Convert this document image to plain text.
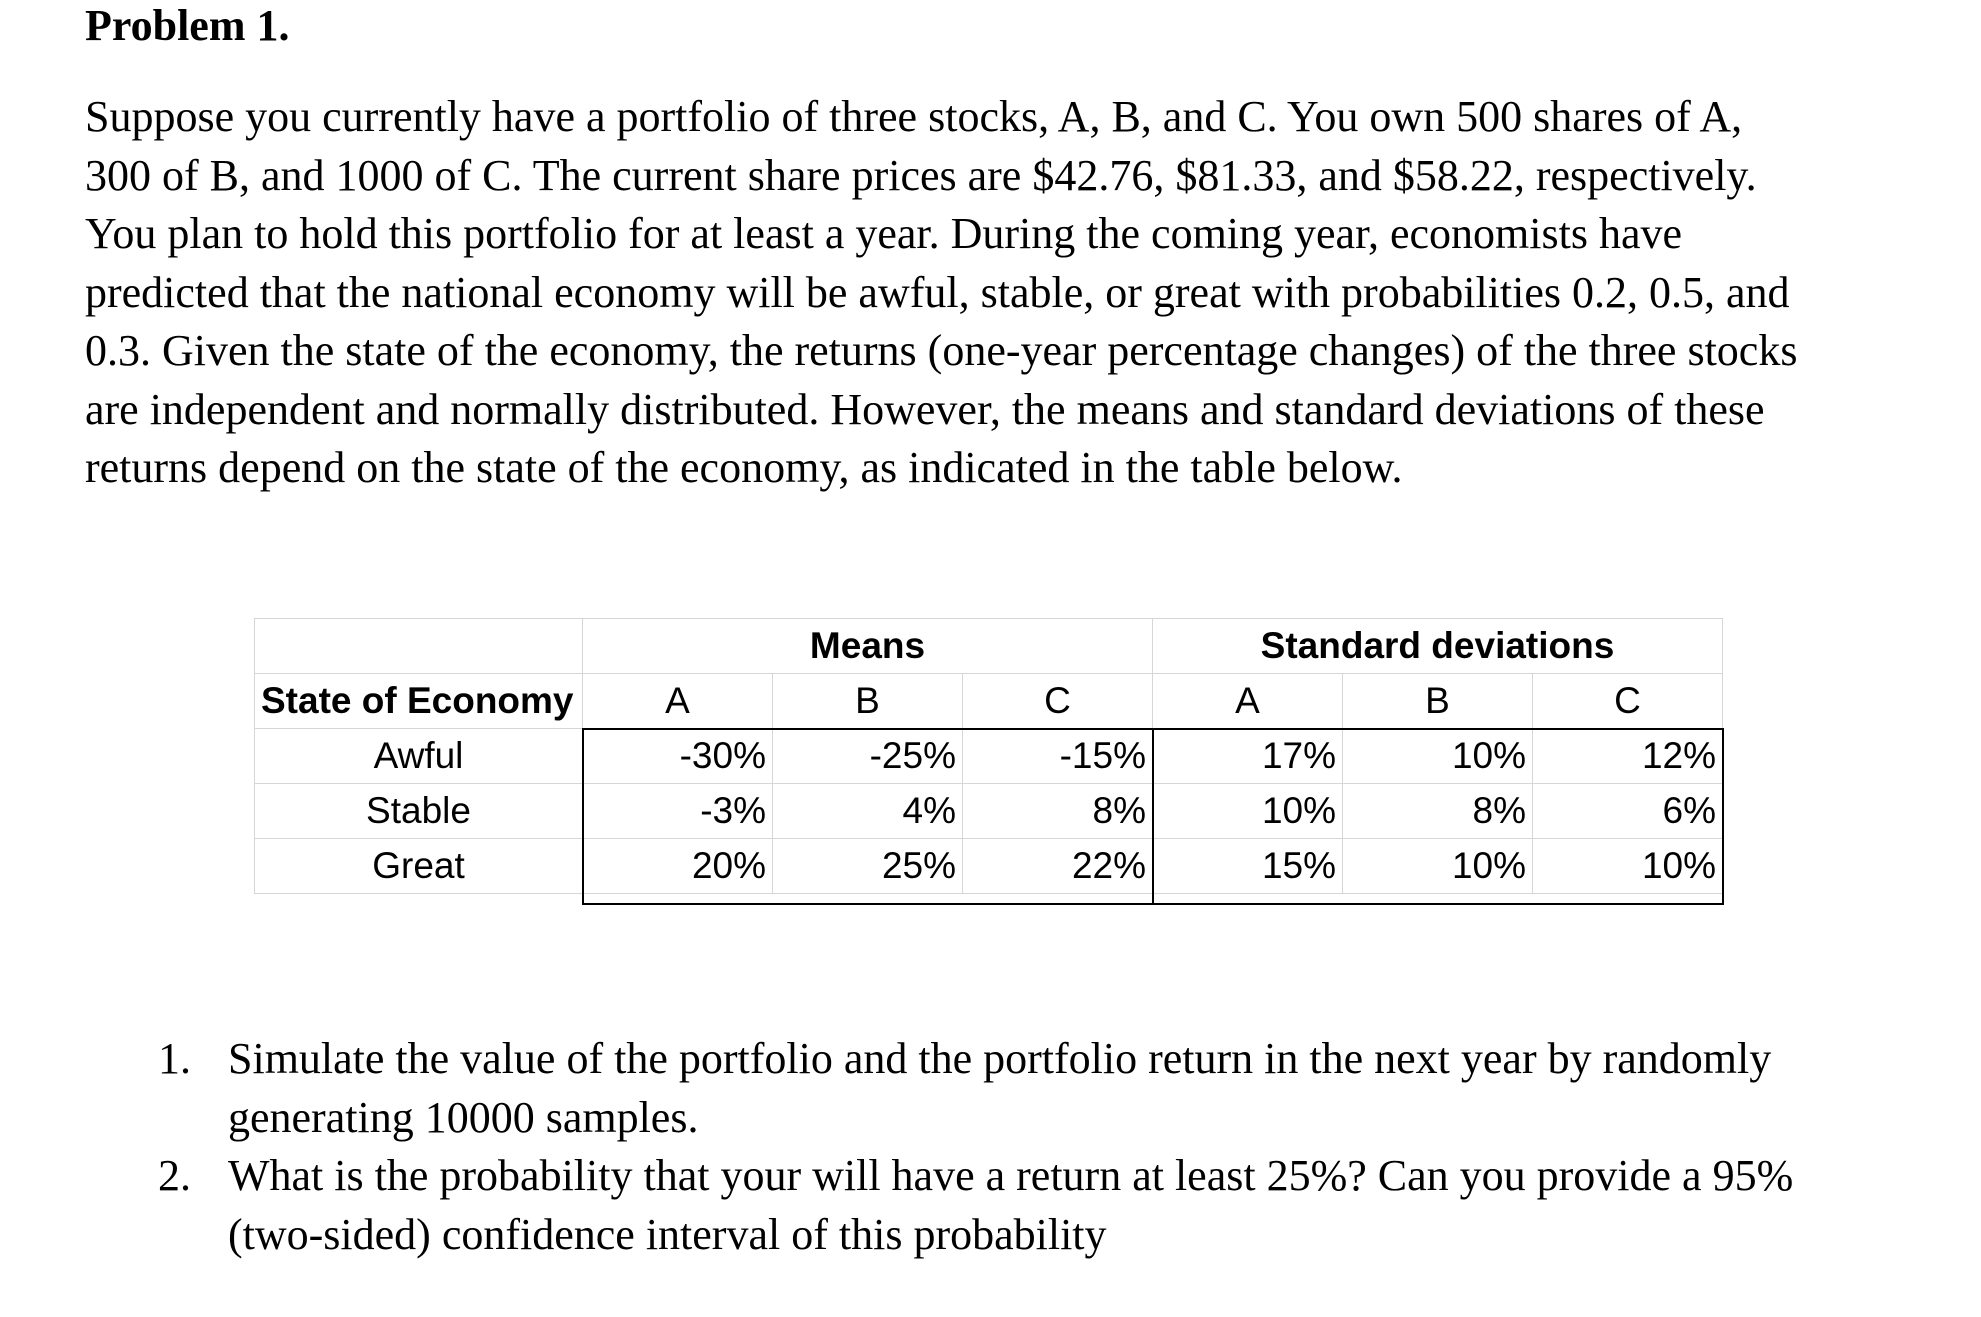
Problem 1.

Suppose you currently have a portfolio of three stocks, A, B, and C. You own 500 shares of A,
300 of B, and 1000 of C. The current share prices are $42.76, $81.33, and $58.22, respectively.
You plan to hold this portfolio for at least a year. During the coming year, economists have
predicted that the national economy will be awful, stable, or great with probabilities 0.2, 0.5, and
0.3. Given the state of the economy, the returns (one-year percentage changes) of the three stocks
are independent and normally distributed. However, the means and standard deviations of these
returns depend on the state of the economy, as indicated in the table below.

	Means			Standard deviations		
State of Economy	A	B	C	A	B	C
Awful	-30%	-25%	-15%	17%	10%	12%
Stable	-3%	4%	8%	10%	8%	6%
Great	20%	25%	22%	15%	10%	10%
1. Simulate the value of the portfolio and the portfolio return in the next year by randomly
generating 10000 samples.
2. What is the probability that your will have a return at least 25%? Can you provide a 95%
(two-sided) confidence interval of this probability
